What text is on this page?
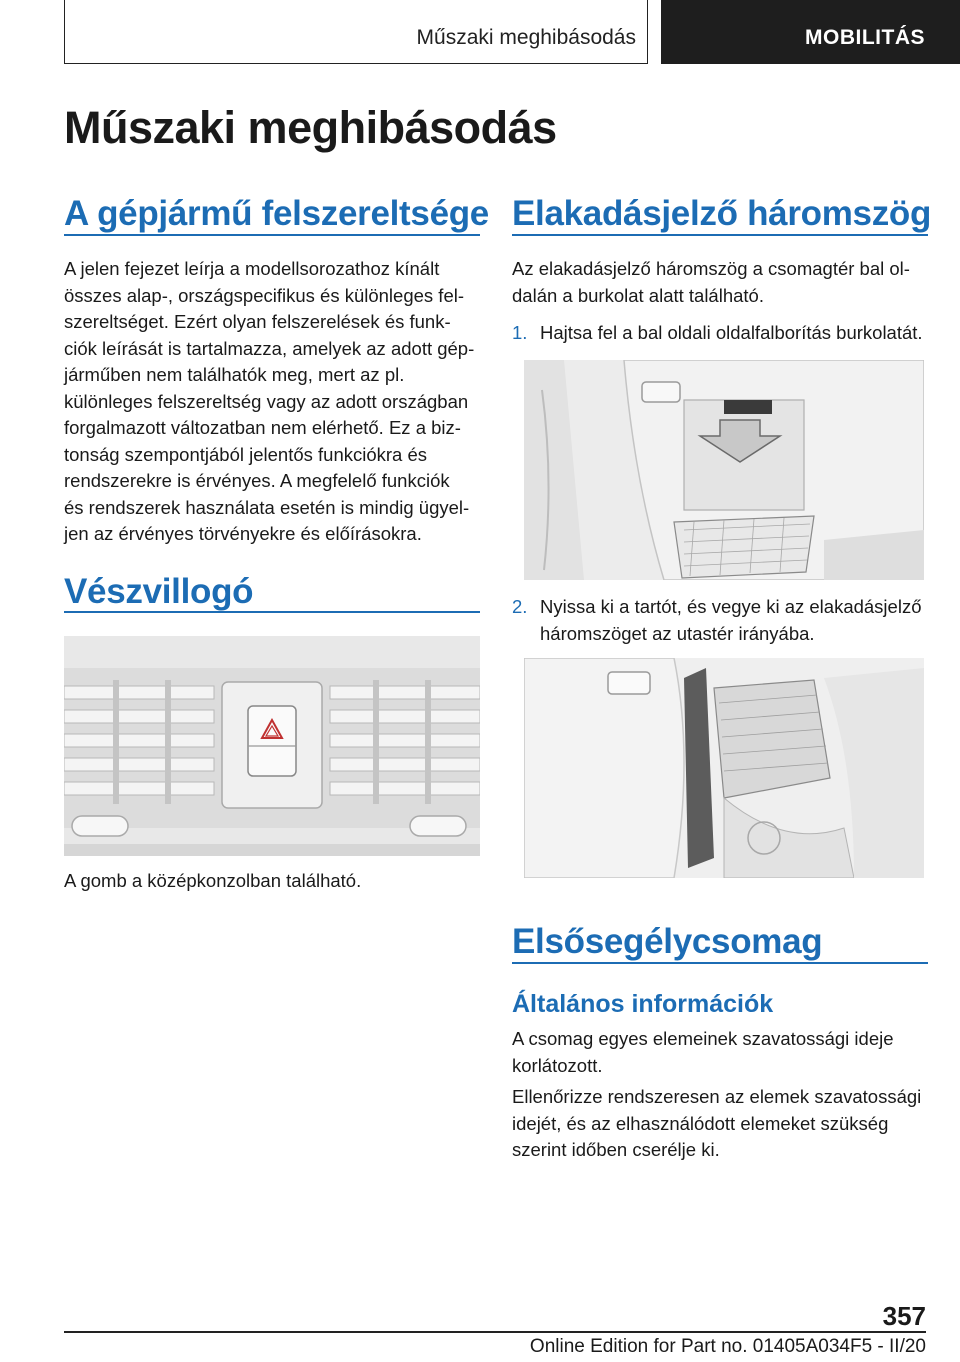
Műszaki meghibásodás	MOBILITÁS
Műszaki meghibásodás
A gépjármű felszereltsége
A jelen fejezet leírja a modellsorozathoz kínált
összes alap-, országspecifikus és különleges fel-
szereltséget. Ezért olyan felszerelések és funk-
ciók leírását is tartalmazza, amelyek az adott gép-
járműben nem találhatók meg, mert az pl.
különleges felszereltség vagy az adott országban
forgalmazott változatban nem elérhető. Ez a biz-
tonság szempontjából jelentős funkciókra és
rendszerekre is érvényes. A megfelelő funkciók
és rendszerek használata esetén is mindig ügyel-
jen az érvényes törvényekre és előírásokra.
Vészvillogó
A gomb a középkonzolban található.
Elakadásjelző háromszög
Az elakadásjelző háromszög a csomagtér bal ol-
dalán a burkolat alatt található.
1. Hajtsa fel a bal oldali oldalfalborítás burkolatát.
2. Nyissa ki a tartót, és vegye ki az elakadásjelző
háromszöget az utastér irányába.
Elsősegélycsomag
Általános információk
A csomag egyes elemeinek szavatossági ideje
korlátozott.
Ellenőrizze rendszeresen az elemek szavatossági
idejét, és az elhasználódott elemeket szükség
szerint időben cserélje ki.
357
Online Edition for Part no. 01405A034F5 - II/20
